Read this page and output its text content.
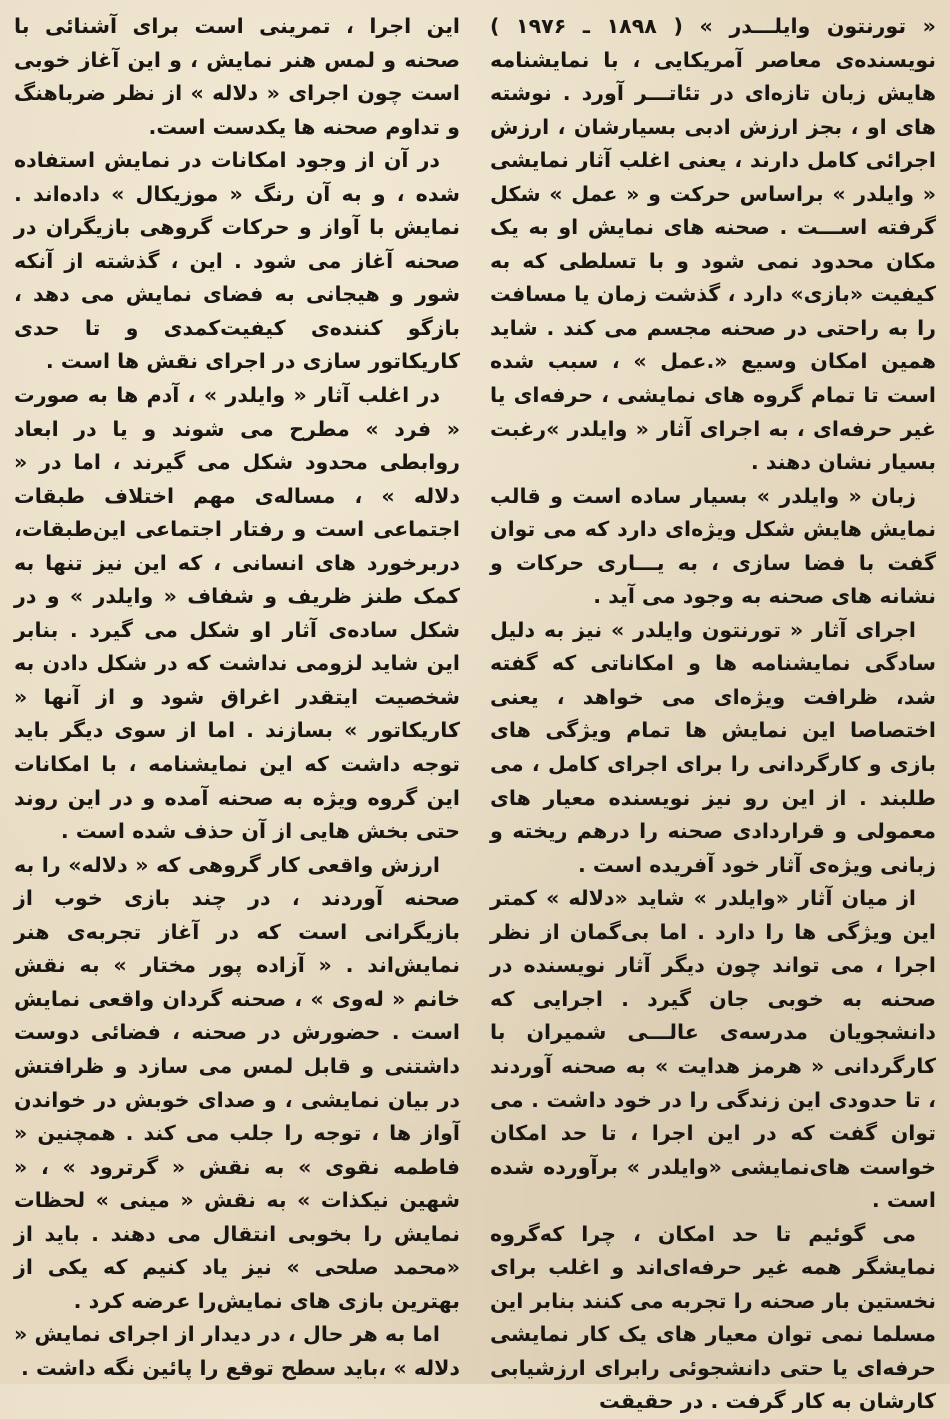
« تورنتون وایلـــدر » ( ۱۸۹۸ ـ ۱۹۷۶ ) نویسنده‌ی معاصر آمریکایی ، با نمایشنامه هایش زبان تازه‌ای در تئاتـــر آورد . نوشته های او ، بجز ارزش ادبی بسیارشان ، ارزش اجرائی کامل دارند ، یعنی اغلب آثار نمایشی « وایلدر » براساس حرکت و « عمل » شکل گرفته اســـت . صحنه های نمایش او به یک مکان محدود نمی شود و با تسلطی که به کیفیت «بازی» دارد ، گذشت زمان یا مسافت را به راحتی در صحنه مجسم می کند . شاید همین امکان وسیع «.عمل » ، سبب شده است تا تمام گروه های نمایشی ، حرفه‌ای یا غیر حرفه‌ای ، به اجرای آثار « وایلدر »رغبت بسیار نشان دهند .

زبان « وایلدر » بسیار ساده است و قالب نمایش هایش شکل ویژه‌ای دارد که می توان گفت با فضا سازی ، به یـــاری حرکات و نشانه های صحنه به وجود می آید .

اجرای آثار « تورنتون وایلدر » نیز به دلیل سادگی نمایشنامه ها و امکاناتی که گفته شد، ظرافت ویژه‌ای می خواهد ، یعنی اختصاصا این نمایش ها تمام ویژگی های بازی و کارگردانی را برای اجرای کامل ، می طلبند . از این رو نیز نویسنده معیار های معمولی و قراردادی صحنه را درهم ریخته و زبانی ویژه‌ی آثار خود آفریده است .

از میان آثار «وایلدر » شاید «دلاله » کمتر این ویژگی ها را دارد . اما بی‌گمان از نظر اجرا ، می تواند چون دیگر آثار نویسنده در صحنه به خوبی جان گیرد . اجرایی که دانشجویان مدرسه‌ی عالـــی شمیران با کارگردانی « هرمز هدایت » به صحنه آوردند ، تا حدودی این زندگی را در خود داشت . می توان گفت که در این اجرا ، تا حد امکان خواست های‌نمایشی «وایلدر » برآورده شده است .

می گوئیم تا حد امکان ، چرا که‌گروه نمایشگر همه غیر حرفه‌ای‌اند و اغلب برای نخستین بار صحنه را تجربه می کنند بنابر این مسلما نمی توان معیار های یک کار نمایشی حرفه‌ای یا حتی دانشجوئی رابرای ارزشیابی کارشان به کار گرفت . در حقیقت

این اجرا ، تمرینی است برای آشنائی با صحنه و لمس هنر نمایش ، و این آغاز خوبی است چون اجرای « دلاله » از نظر ضرباهنگ و تداوم صحنه ها یکدست است.

در آن از وجود امکانات در نمایش استفاده شده ، و به آن رنگ « موزیکال » داده‌اند . نمایش با آواز و حرکات گروهی بازیگران در صحنه آغاز می شود . این ، گذشته از آنکه شور و هیجانی به فضای نمایش می دهد ، بازگو کننده‌ی کیفیت‌کمدی و تا حدی کاریکاتور سازی در اجرای نقش ها است .

در اغلب آثار « وایلدر » ، آدم ها به صورت « فرد » مطرح می شوند و یا در ابعاد روابطی محدود شکل می گیرند ، اما در « دلاله » ، مساله‌ی مهم اختلاف طبقات اجتماعی است و رفتار اجتماعی این‌طبقات، دربرخورد های انسانی ، که این نیز تنها به کمک طنز ظریف و شفاف « وایلدر » و در شکل ساده‌ی آثار او شکل می گیرد . بنابر این شاید لزومی نداشت که در شکل دادن به شخصیت ایتقدر اغراق شود و از آنها « کاریکاتور » بسازند . اما از سوی دیگر باید توجه داشت که این نمایشنامه ، با امکانات این گروه ویژه به صحنه آمده و در این روند حتی بخش هایی از آن حذف شده است .

ارزش واقعی کار گروهی که « دلاله» را به صحنه آوردند ، در چند بازی خوب از بازیگرانی است که در آغاز تجربه‌ی هنر نمایش‌اند . « آزاده پور مختار » به نقش خانم « لەوی » ، صحنه گردان واقعی نمایش است . حضورش در صحنه ، فضائی دوست داشتنی و قابل لمس می سازد و ظرافتش در بیان نمایشی ، و صدای خوبش در خواندن آواز ها ، توجه را جلب می کند . همچنین « فاطمه نقوی » به نقش « گرترود » ، « شهین نیکذات » به نقش « مینی » لحظات نمایش را بخوبی انتقال می دهند . باید از «محمد صلحی » نیز یاد کنیم که یکی از بهترین بازی های نمایش‌را عرضه کرد .

اما به هر حال ، در دیدار از اجرای نمایش « دلاله » ،باید سطح توقع را پائین نگه داشت .
